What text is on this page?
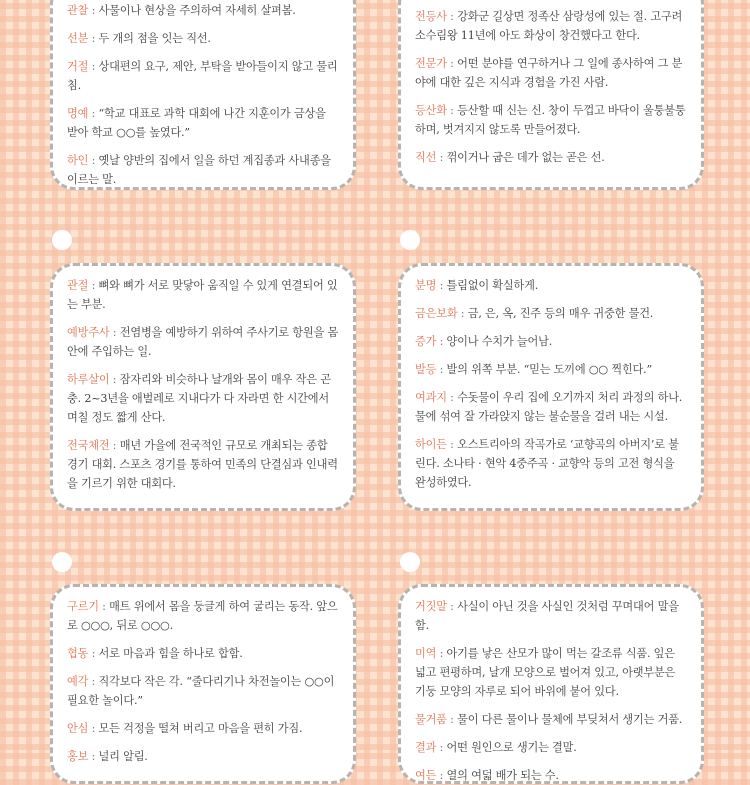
관찰 : 사물이나 현상을 주의하여 자세히 살펴봄.
선분 : 두 개의 점을 잇는 직선.
거절 : 상대편의 요구, 제안, 부탁을 받아들이지 않고 물리침.
명예 : “학교 대표로 과학 대회에 나간 지훈이가 금상을 받아 학교 ○○를 높였다.”
하인 : 옛날 양반의 집에서 일을 하던 계집종과 사내종을 이르는 말.
전등사 : 강화군 길상면 정족산 삼랑성에 있는 절. 고구려 소수림왕 11년에 아도 화상이 창건했다고 한다.
전문가 : 어떤 분야를 연구하거나 그 일에 종사하여 그 분야에 대한 깊은 지식과 경험을 가진 사람.
등산화 : 등산할 때 신는 신. 창이 두껍고 바닥이 울퉁불퉁하며, 벗겨지지 않도록 만들어졌다.
직선 : 꺾이거나 굽은 데가 없는 곧은 선.
관절 : 뼈와 뼈가 서로 맞닿아 움직일 수 있게 연결되어 있는 부분.
예방주사 : 전염병을 예방하기 위하여 주사기로 항원을 몸안에 주입하는 일.
하루살이 : 잠자리와 비슷하나 날개와 몸이 매우 작은 곤충. 2~3년을 애벌레로 지내다가 다 자라면 한 시간에서 며칠 정도 짧게 산다.
전국체전 : 매년 가을에 전국적인 규모로 개최되는 종합 경기 대회. 스포츠 경기를 통하여 민족의 단결심과 인내력을 기르기 위한 대회다.
분명 : 틀림없이 확실하게.
금은보화 : 금, 은, 옥, 진주 등의 매우 귀중한 물건.
증가 : 양이나 수치가 늘어남.
발등 : 발의 위쪽 부분. “믿는 도끼에 ○○ 찍힌다.”
여과지 : 수돗물이 우리 집에 오기까지 처리 과정의 하나. 물에 섞여 잘 가라앉지 않는 불순물을 걸러 내는 시설.
하이든 : 오스트리아의 작곡가로 ‘교향곡의 아버지’로 불린다. 소나타 · 현악 4중주곡 · 교향악 등의 고전 형식을 완성하였다.
구르기 : 매트 위에서 몸을 둥글게 하여 굴리는 동작. 앞으로 ○○○, 뒤로 ○○○.
협동 : 서로 마음과 힘을 하나로 합함.
예각 : 직각보다 작은 각. “줄다리기나 차전놀이는 ○○이 필요한 놀이다.”
안심 : 모든 걱정을 떨쳐 버리고 마음을 편히 가짐.
홍보 : 널리 알림.
거짓말 : 사실이 아닌 것을 사실인 것처럼 꾸며대어 말을 함.
미역 : 아기를 낳은 산모가 많이 먹는 갈조류 식품. 잎은 넓고 편평하며, 날개 모양으로 벌어져 있고, 아랫부분은 기둥 모양의 자루로 되어 바위에 붙어 있다.
물거품 : 물이 다른 물이나 물체에 부딪쳐서 생기는 거품.
결과 : 어떤 원인으로 생기는 결말.
여든 : 열의 여덟 배가 되는 수.
